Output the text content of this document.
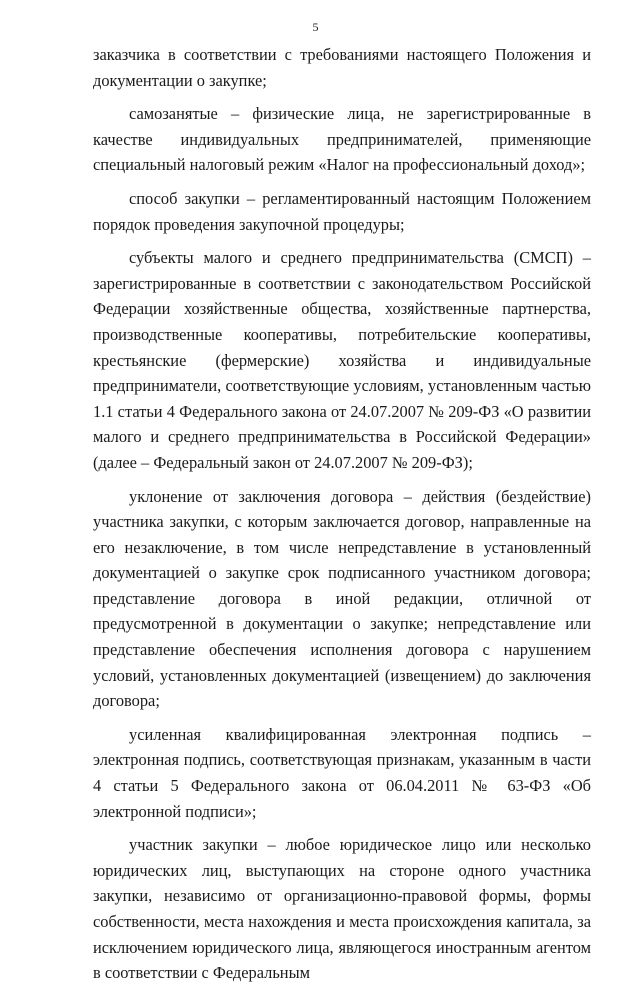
5

заказчика в соответствии с требованиями настоящего Положения и документации о закупке;

самозанятые – физические лица, не зарегистрированные в качестве индивидуальных предпринимателей, применяющие специальный налоговый режим «Налог на профессиональный доход»;

способ закупки – регламентированный настоящим Положением порядок проведения закупочной процедуры;

субъекты малого и среднего предпринимательства (СМСП) – зарегистрированные в соответствии с законодательством Российской Федерации хозяйственные общества, хозяйственные партнерства, производственные кооперативы, потребительские кооперативы, крестьянские (фермерские) хозяйства и индивидуальные предприниматели, соответствующие условиям, установленным частью 1.1 статьи 4 Федерального закона от 24.07.2007 № 209-ФЗ «О развитии малого и среднего предпринимательства в Российской Федерации» (далее – Федеральный закон от 24.07.2007 № 209-ФЗ);

уклонение от заключения договора – действия (бездействие) участника закупки, с которым заключается договор, направленные на его незаключение, в том числе непредставление в установленный документацией о закупке срок подписанного участником договора; представление договора в иной редакции, отличной от предусмотренной в документации о закупке; непредставление или представление обеспечения исполнения договора с нарушением условий, установленных документацией (извещением) до заключения договора;

усиленная квалифицированная электронная подпись – электронная подпись, соответствующая признакам, указанным в части 4 статьи 5 Федерального закона от 06.04.2011 № 63-ФЗ «Об электронной подписи»;

участник закупки – любое юридическое лицо или несколько юридических лиц, выступающих на стороне одного участника закупки, независимо от организационно-правовой формы, формы собственности, места нахождения и места происхождения капитала, за исключением юридического лица, являющегося иностранным агентом в соответствии с Федеральным
